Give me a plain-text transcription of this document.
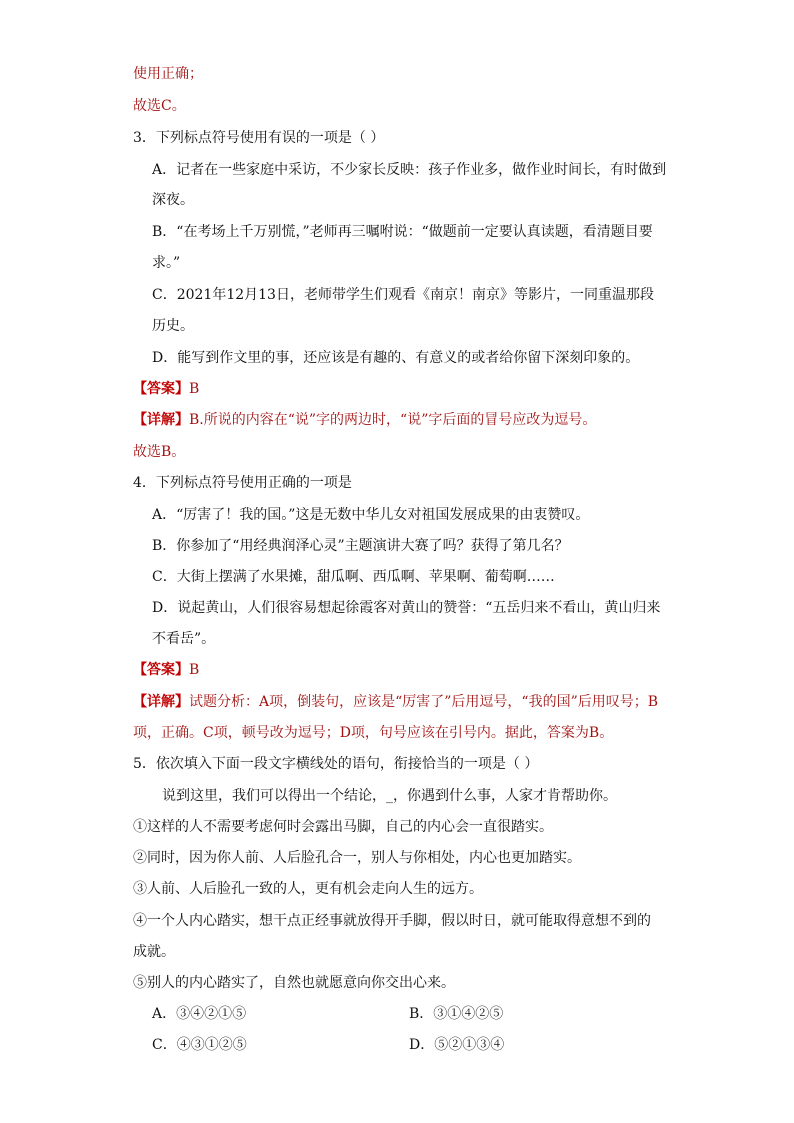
使用正确；
故选C。
3．下列标点符号使用有误的一项是（ ）
A．记者在一些家庭中采访，不少家长反映：孩子作业多，做作业时间长，有时做到
深夜。
B．“在考场上千万别慌，”老师再三嘱咐说：“做题前一定要认真读题，看清题目要
求。”
C．2021年12月13日，老师带学生们观看《南京！南京》等影片，一同重温那段
历史。
D．能写到作文里的事，还应该是有趣的、有意义的或者给你留下深刻印象的。
【答案】B
【详解】B.所说的内容在“说”字的两边时，“说”字后面的冒号应改为逗号。
故选B。
4．下列标点符号使用正确的一项是
A．“厉害了！我的国。”这是无数中华儿女对祖国发展成果的由衷赞叹。
B．你参加了“用经典润泽心灵”主题演讲大赛了吗？获得了第几名？
C．大街上摆满了水果摊，甜瓜啊、西瓜啊、苹果啊、葡萄啊……
D．说起黄山，人们很容易想起徐霞客对黄山的赞誉：“五岳归来不看山，黄山归来
不看岳”。
【答案】B
【详解】试题分析：A项，倒装句，应该是“厉害了”后用逗号，“我的国”后用叹号；B
项，正确。C项，顿号改为逗号；D项，句号应该在引号内。据此，答案为B。
5．依次填入下面一段文字横线处的语句，衔接恰当的一项是（ ）
说到这里，我们可以得出一个结论，_，你遇到什么事，人家才肯帮助你。
①这样的人不需要考虑何时会露出马脚，自己的内心会一直很踏实。
②同时，因为你人前、人后脸孔合一，别人与你相处，内心也更加踏实。
③人前、人后脸孔一致的人，更有机会走向人生的远方。
④一个人内心踏实，想干点正经事就放得开手脚，假以时日，就可能取得意想不到的
成就。
⑤别人的内心踏实了，自然也就愿意向你交出心来。
A．③④②①⑤	B．③①④②⑤
C．④③①②⑤	D．⑤②①③④
